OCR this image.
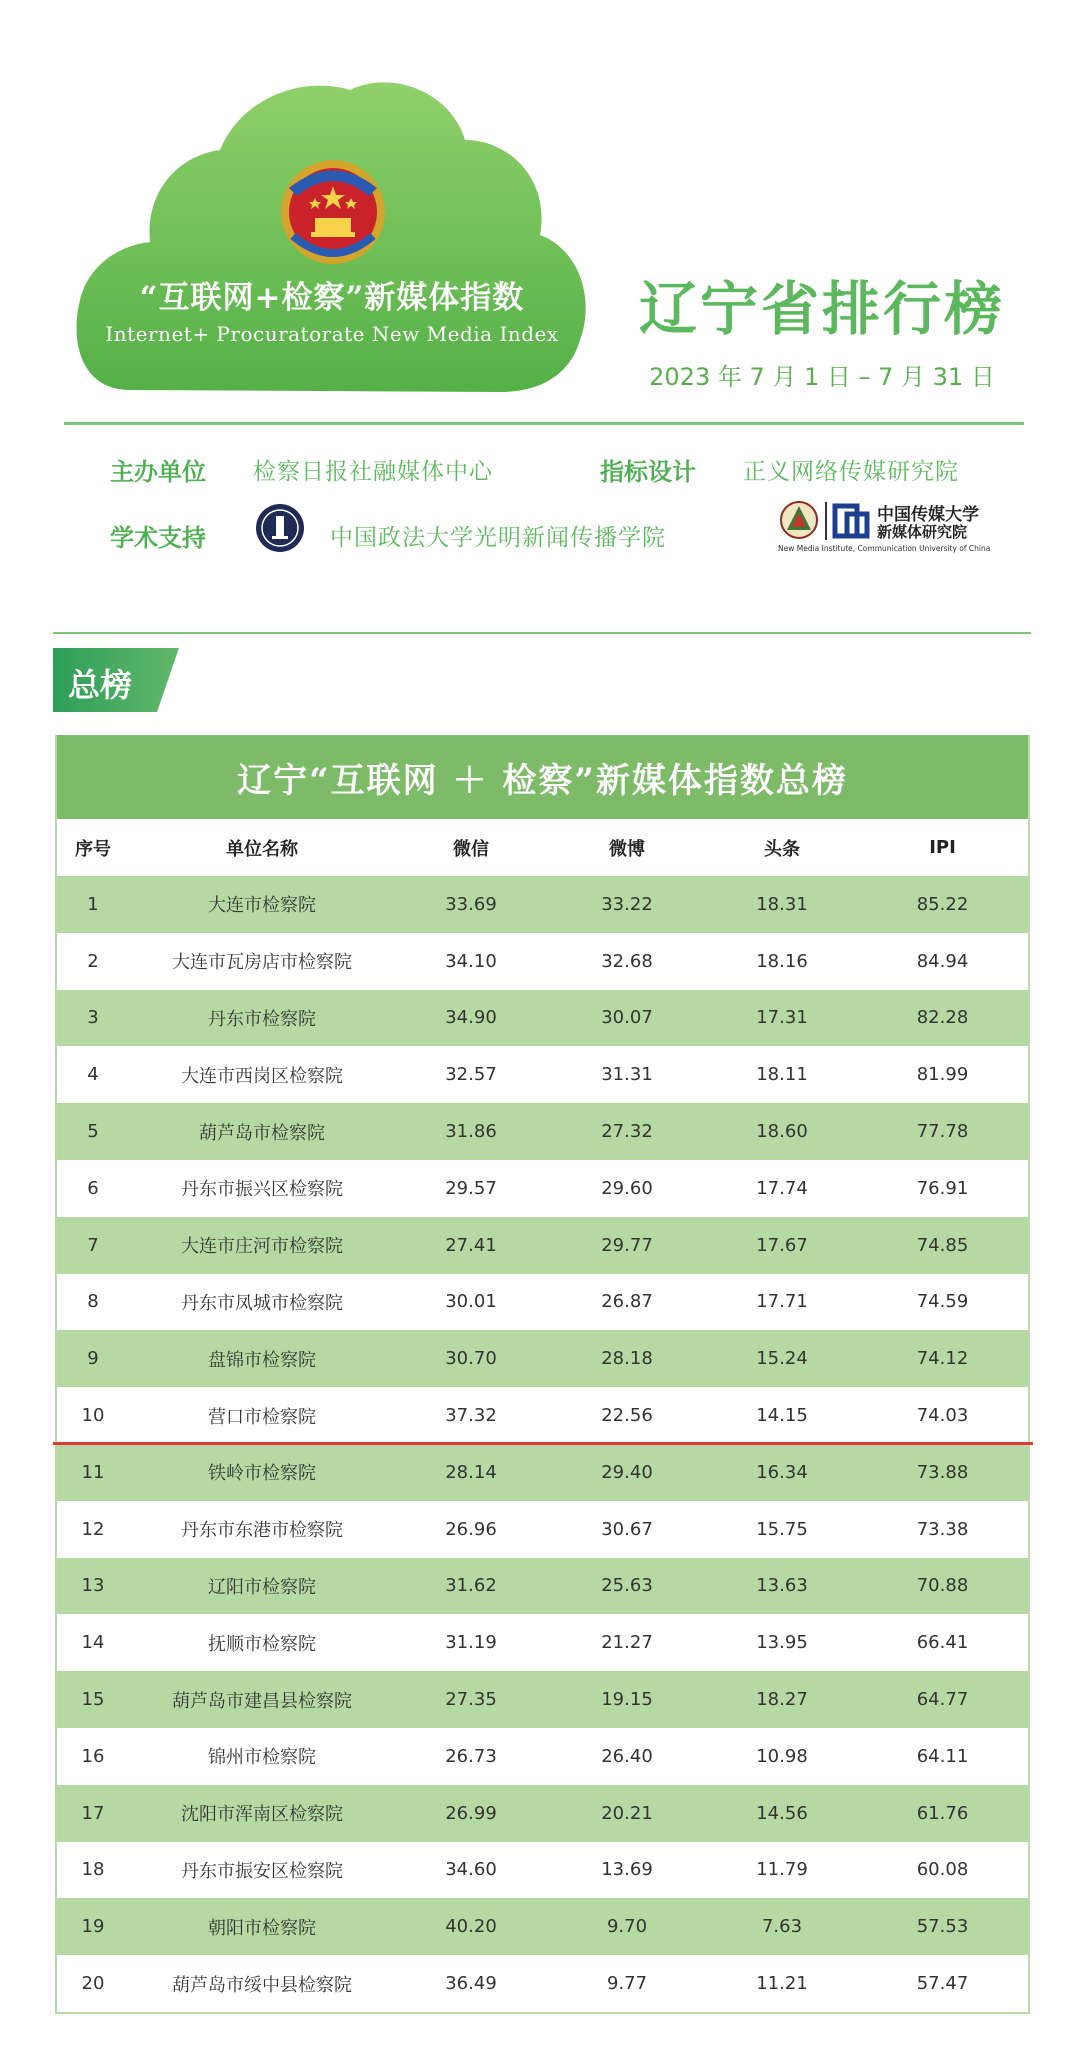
“互联网+检察”新媒体指数
Internet+ Procuratorate New Media Index	辽宁省排行榜
2023 年 7 月 1 日 – 7 月 31 日
主办单位 检察日报社融媒体中心	指标设计 正义网络传媒研究院
学术支持	中国政法大学光明新闻传播学院
中国传媒大学
新媒体研究院
New Media Institute, Communication University of China
总榜
辽宁“互联网 ＋ 检察”新媒体指数总榜
序号	单位名称	微信	微博	头条	IPI
1	大连市检察院	33.69	33.22	18.31	85.22
2	大连市瓦房店市检察院	34.10	32.68	18.16	84.94
3	丹东市检察院	34.90	30.07	17.31	82.28
4	大连市西岗区检察院	32.57	31.31	18.11	81.99
5	葫芦岛市检察院	31.86	27.32	18.60	77.78
6	丹东市振兴区检察院	29.57	29.60	17.74	76.91
7	大连市庄河市检察院	27.41	29.77	17.67	74.85
8	丹东市凤城市检察院	30.01	26.87	17.71	74.59
9	盘锦市检察院	30.70	28.18	15.24	74.12
10	营口市检察院	37.32	22.56	14.15	74.03
11	铁岭市检察院	28.14	29.40	16.34	73.88
12	丹东市东港市检察院	26.96	30.67	15.75	73.38
13	辽阳市检察院	31.62	25.63	13.63	70.88
14	抚顺市检察院	31.19	21.27	13.95	66.41
15	葫芦岛市建昌县检察院	27.35	19.15	18.27	64.77
16	锦州市检察院	26.73	26.40	10.98	64.11
17	沈阳市浑南区检察院	26.99	20.21	14.56	61.76
18	丹东市振安区检察院	34.60	13.69	11.79	60.08
19	朝阳市检察院	40.20	9.70	7.63	57.53
20	葫芦岛市绥中县检察院	36.49	9.77	11.21	57.47
